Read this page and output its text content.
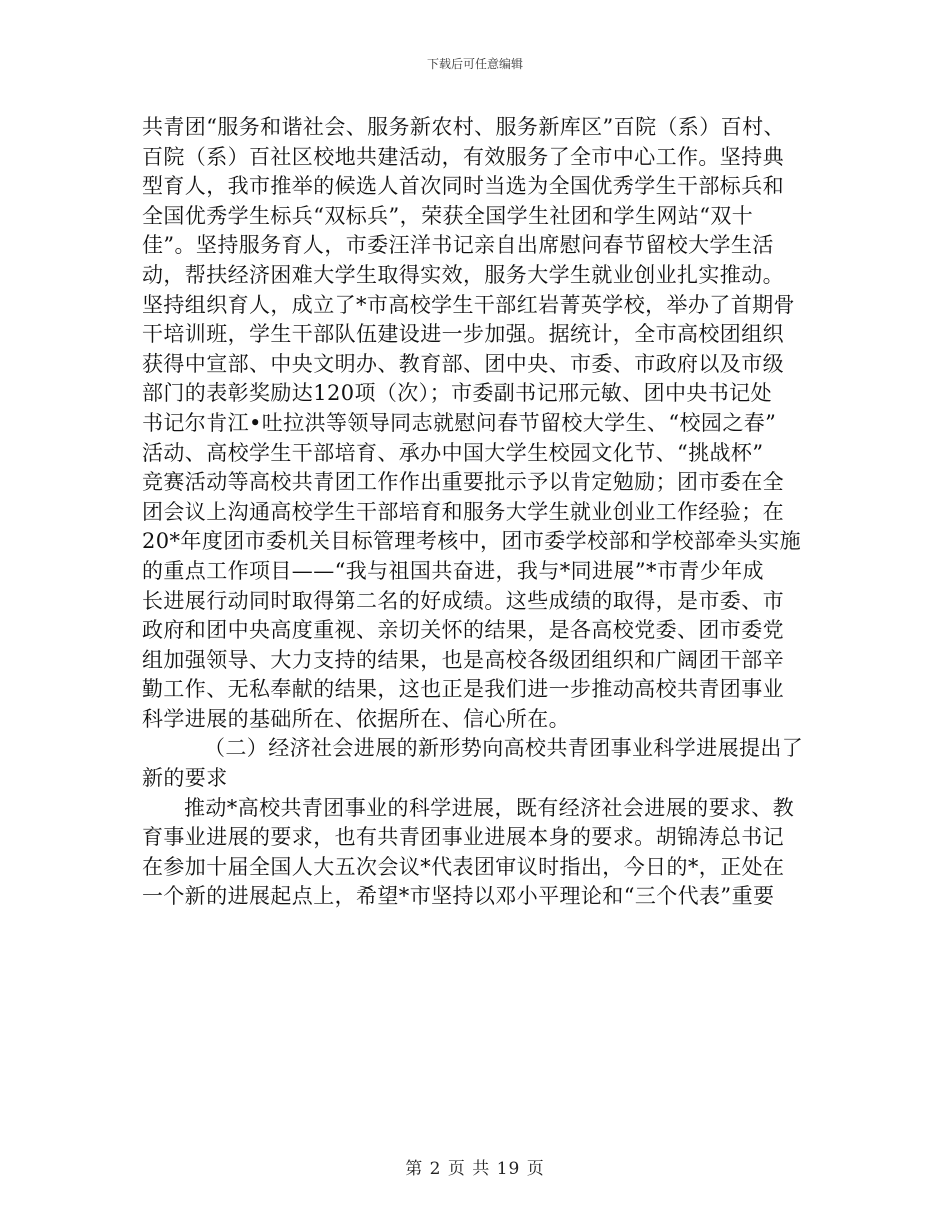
下载后可任意编辑

共青团“服务和谐社会、服务新农村、服务新库区”百院（系）百村、

百院（系）百社区校地共建活动，有效服务了全市中心工作。坚持典

型育人，我市推举的候选人首次同时当选为全国优秀学生干部标兵和

全国优秀学生标兵“双标兵”，荣获全国学生社团和学生网站“双十

佳”。坚持服务育人，市委汪洋书记亲自出席慰问春节留校大学生活

动，帮扶经济困难大学生取得实效，服务大学生就业创业扎实推动。

坚持组织育人，成立了*市高校学生干部红岩菁英学校，举办了首期骨

干培训班，学生干部队伍建设进一步加强。据统计，全市高校团组织

获得中宣部、中央文明办、教育部、团中央、市委、市政府以及市级

部门的表彰奖励达120项（次）；市委副书记邢元敏、团中央书记处

书记尔肯江•吐拉洪等领导同志就慰问春节留校大学生、“校园之春”

活动、高校学生干部培育、承办中国大学生校园文化节、“挑战杯”

竞赛活动等高校共青团工作作出重要批示予以肯定勉励；团市委在全

团会议上沟通高校学生干部培育和服务大学生就业创业工作经验；在

20*年度团市委机关目标管理考核中，团市委学校部和学校部牵头实施

的重点工作项目——“我与祖国共奋进，我与*同进展”*市青少年成

长进展行动同时取得第二名的好成绩。这些成绩的取得，是市委、市

政府和团中央高度重视、亲切关怀的结果，是各高校党委、团市委党

组加强领导、大力支持的结果，也是高校各级团组织和广阔团干部辛

勤工作、无私奉献的结果，这也正是我们进一步推动高校共青团事业

科学进展的基础所在、依据所在、信心所在。

（二）经济社会进展的新形势向高校共青团事业科学进展提出了

新的要求

推动*高校共青团事业的科学进展，既有经济社会进展的要求、教

育事业进展的要求，也有共青团事业进展本身的要求。胡锦涛总书记

在参加十届全国人大五次会议*代表团审议时指出，今日的*，正处在

一个新的进展起点上，希望*市坚持以邓小平理论和“三个代表”重要

第 2 页 共 19 页
